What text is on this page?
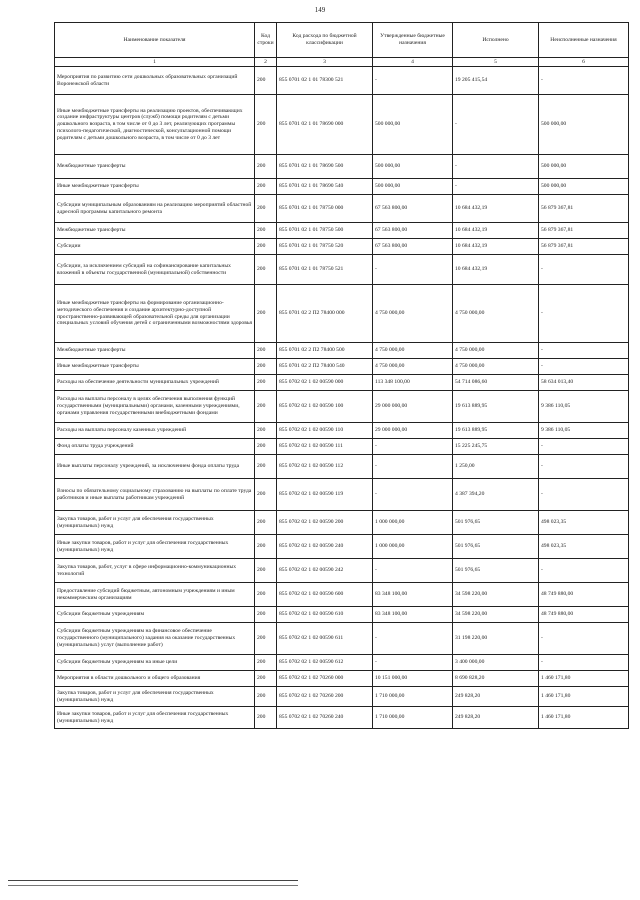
149
Наименование показателя	Код строки	Код расхода по бюджетной классификации	Утвержденные бюджетные назначения	Исполнено	Неисполненные назначения
1	2	3	4	5	6
Мероприятия по развитию сети дошкольных образовательных организаций Воронежской области	200	855 0701 02 1 01 78300 521	-	19 205 415,54	-
Иные межбюджетные трансферты на реализацию проектов, обеспечивающих создание инфраструктуры центров (служб) помощи родителям с детьми дошкольного возраста, в том числе от 0 до 3 лет, реализующих программы психолого-педагогической, диагностической, консультационной помощи родителям с детьми дошкольного возраста, в том числе от 0 до 3 лет	200	855 0701 02 1 01 78690 000	500 000,00	-	500 000,00
Межбюджетные трансферты	200	855 0701 02 1 01 78690 500	500 000,00	-	500 000,00
Иные межбюджетные трансферты	200	855 0701 02 1 01 78690 540	500 000,00	-	500 000,00
Субсидии муниципальным образованиям на реализацию мероприятий областной адресной программы капитального ремонта	200	855 0701 02 1 01 78750 000	67 563 800,00	10 684 432,19	56 879 367,81
Межбюджетные трансферты	200	855 0701 02 1 01 78750 500	67 563 800,00	10 684 432,19	56 879 367,81
Субсидии	200	855 0701 02 1 01 78750 520	67 563 800,00	10 684 432,19	56 879 367,81
Субсидии, за исключением субсидий на софинансирование капитальных вложений в объекты государственной (муниципальной) собственности	200	855 0701 02 1 01 78750 521	-	10 684 432,19	-
Иные межбюджетные трансферты на формирование организационно-методического обеспечения и создание архитектурно-доступной пространственно-развивающей образовательной среды для организации специальных условий обучения детей с ограниченными возможностями здоровья	200	855 0701 02 2 П2 78400 000	4 750 000,00	4 750 000,00	-
Межбюджетные трансферты	200	855 0701 02 2 П2 78400 500	4 750 000,00	4 750 000,00	-
Иные межбюджетные трансферты	200	855 0701 02 2 П2 78400 540	4 750 000,00	4 750 000,00	-
Расходы на обеспечение деятельности муниципальных учреждений	200	855 0702 02 1 02 00590 000	113 348 100,00	54 714 086,60	58 634 013,40
Расходы на выплаты персоналу в целях обеспечения выполнения функций государственными (муниципальными) органами, казенными учреждениями, органами управления государственными внебюджетными фондами	200	855 0702 02 1 02 00590 100	29 000 000,00	19 613 889,95	9 386 110,05
Расходы на выплаты персоналу казенных учреждений	200	855 0702 02 1 02 00590 110	29 000 000,00	19 613 889,95	9 386 110,05
Фонд оплаты труда учреждений	200	855 0702 02 1 02 00590 111	-	15 225 245,75	-
Иные выплаты персоналу учреждений, за исключением фонда оплаты труда	200	855 0702 02 1 02 00590 112	-	1 250,00	-
Взносы по обязательному социальному страхованию на выплаты по оплате труда работников и иные выплаты работникам учреждений	200	855 0702 02 1 02 00590 119	-	4 387 394,20	-
Закупка товаров, работ и услуг для обеспечения государственных (муниципальных) нужд	200	855 0702 02 1 02 00590 200	1 000 000,00	501 976,65	498 023,35
Иные закупки товаров, работ и услуг для обеспечения государственных (муниципальных) нужд	200	855 0702 02 1 02 00590 240	1 000 000,00	501 976,65	498 023,35
Закупка товаров, работ, услуг в сфере информационно-коммуникационных технологий	200	855 0702 02 1 02 00590 242	-	501 976,65	-
Предоставление субсидий бюджетным, автономным учреждениям и иным некоммерческим организациям	200	855 0702 02 1 02 00590 600	83 348 100,00	34 598 220,00	48 749 880,00
Субсидии бюджетным учреждениям	200	855 0702 02 1 02 00590 610	83 348 100,00	34 598 220,00	48 749 880,00
Субсидии бюджетным учреждениям на финансовое обеспечение государственного (муниципального) задания на оказание государственных (муниципальных) услуг (выполнение работ)	200	855 0702 02 1 02 00590 611	-	31 198 220,00	-
Субсидии бюджетным учреждениям на иные цели	200	855 0702 02 1 02 00590 612	-	3 400 000,00	-
Мероприятия в области дошкольного и общего образования	200	855 0702 02 1 02 70260 000	10 151 000,00	8 690 828,20	1 460 171,80
Закупка товаров, работ и услуг для обеспечения государственных (муниципальных) нужд	200	855 0702 02 1 02 70260 200	1 710 000,00	249 828,20	1 460 171,80
Иные закупки товаров, работ и услуг для обеспечения государственных (муниципальных) нужд	200	855 0702 02 1 02 70260 240	1 710 000,00	249 828,20	1 460 171,80
